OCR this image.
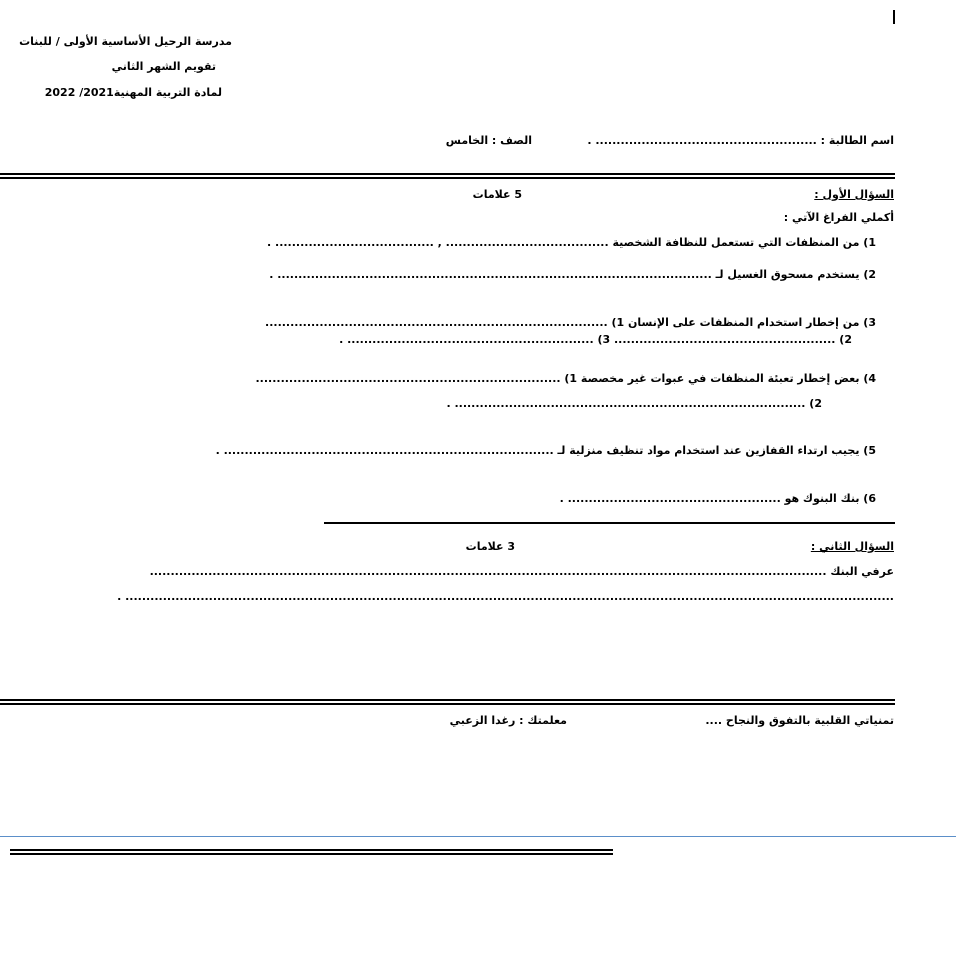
مدرسة الرحيل الأساسية الأولى / للبنات
تقويم الشهر الثاني
لمادة التربية المهنية2021/ 2022
اسم الطالبة : ..................................................... .
الصف : الخامس
السؤال الأول :
5 علامات
أكملي الفراغ الآتي :
1) من المنظفات التي تستعمل للنظافة الشخصية ....................................... , ...................................... .
2) يستخدم مسحوق الغسيل لـ ........................................................................................................ .
3) من إخطار استخدام المنظفات على الإنسان 1) ..................................................................................
2) ..................................................... 3) ........................................................... .
4) بعض إخطار تعبئة المنظفات في عبوات غير مخصصة 1) .........................................................................
2) .................................................................................... .
5) يجيب ارتداء القفازين عند استخدام مواد تنظيف منزلية لـ ............................................................................... .
6) بنك البنوك هو ................................................... .
السؤال الثاني :
3 علامات
عرفي البنك ..................................................................................................................................................................
........................................................................................................................................................................................ .
تمنياتي القلبية بالتفوق والنجاح ....
معلمتك : رغدا الزعبي
